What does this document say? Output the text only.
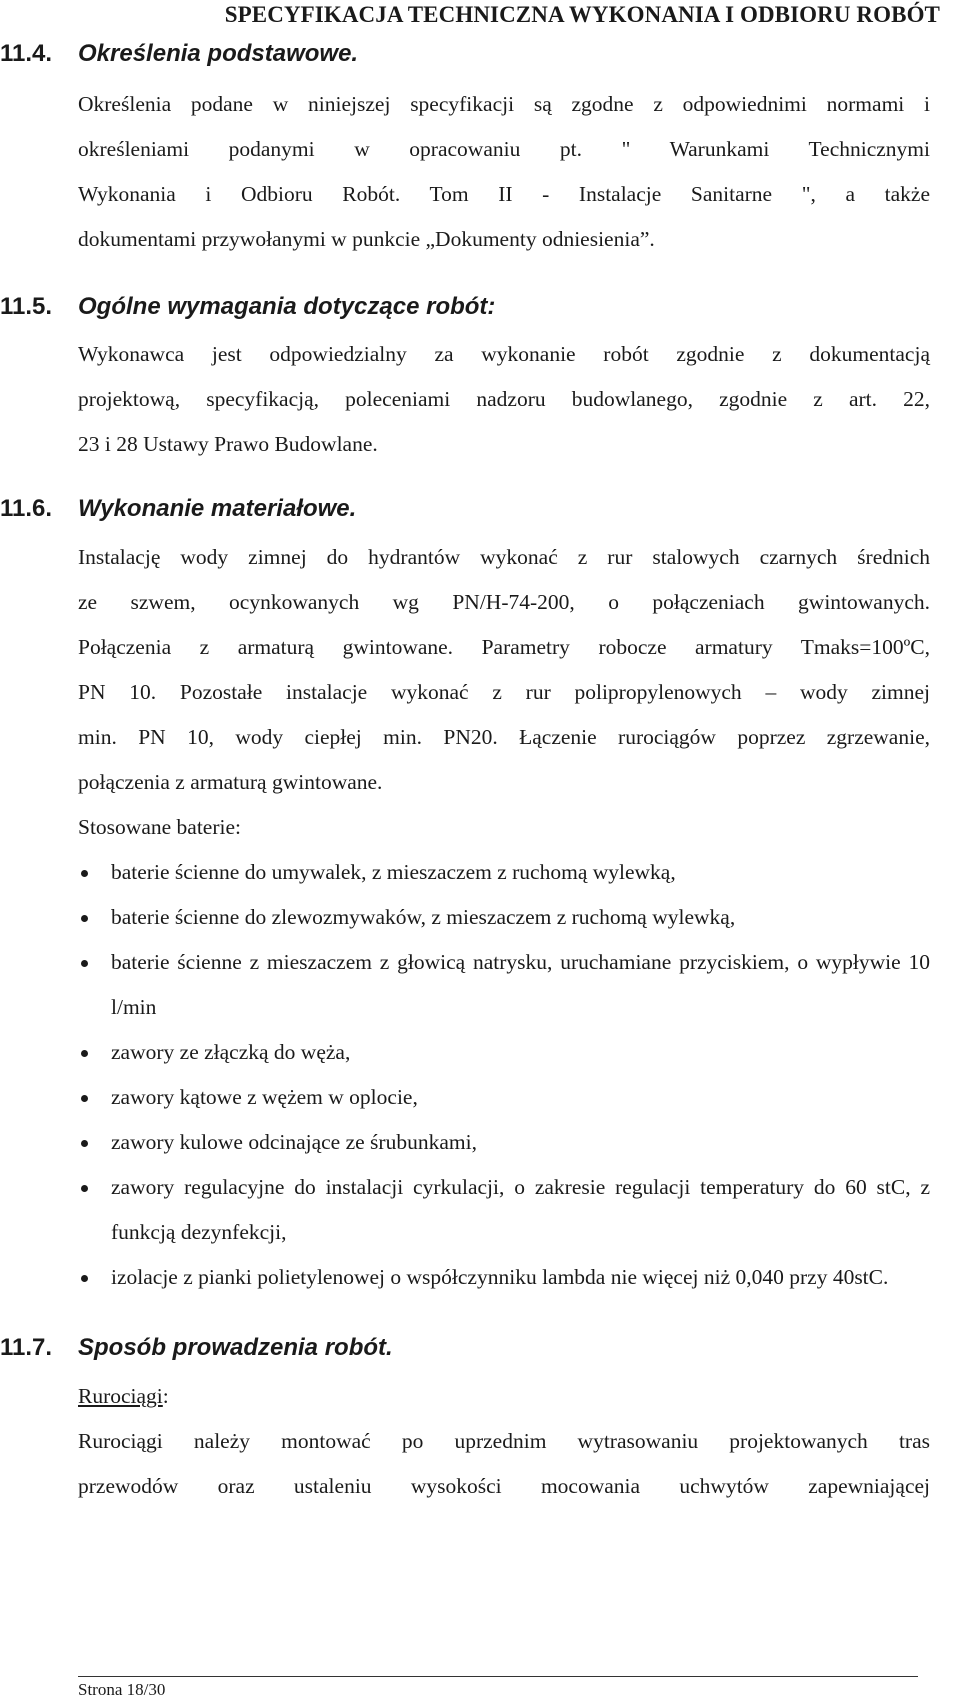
SPECYFIKACJA TECHNICZNA WYKONANIA I ODBIORU ROBÓT
11.4. Określenia podstawowe.
Określenia podane w niniejszej specyfikacji są zgodne z odpowiednimi normami i
określeniami podanymi w opracowaniu pt. " Warunkami Technicznymi
Wykonania i Odbioru Robót. Tom II - Instalacje Sanitarne ", a także
dokumentami przywołanymi w punkcie „Dokumenty odniesienia”.
11.5. Ogólne wymagania dotyczące robót:
Wykonawca jest odpowiedzialny za wykonanie robót zgodnie z dokumentacją
projektową, specyfikacją, poleceniami nadzoru budowlanego, zgodnie z art. 22,
23 i 28 Ustawy Prawo Budowlane.
11.6. Wykonanie materiałowe.
Instalację wody zimnej do hydrantów wykonać z rur stalowych czarnych średnich
ze szwem, ocynkowanych wg PN/H-74-200, o połączeniach gwintowanych.
Połączenia z armaturą gwintowane. Parametry robocze armatury Tmaks=100ºC,
PN 10. Pozostałe instalacje wykonać z rur polipropylenowych – wody zimnej
min. PN 10, wody ciepłej min. PN20. Łączenie rurociągów poprzez zgrzewanie,
połączenia z armaturą gwintowane.
Stosowane baterie:
baterie ścienne do umywalek, z mieszaczem z ruchomą wylewką,
baterie ścienne do zlewozmywaków, z mieszaczem z ruchomą wylewką,
baterie ścienne z mieszaczem z głowicą natrysku, uruchamiane przyciskiem, o wypływie 10 l/min
zawory ze złączką do węża,
zawory kątowe z wężem w oplocie,
zawory kulowe odcinające ze śrubunkami,
zawory regulacyjne do instalacji cyrkulacji, o zakresie regulacji temperatury do 60 stC, z funkcją dezynfekcji,
izolacje z pianki polietylenowej o współczynniku lambda nie więcej niż 0,040 przy 40stC.
11.7. Sposób prowadzenia robót.
Rurociągi:
Rurociągi należy montować po uprzednim wytrasowaniu projektowanych tras
przewodów oraz ustaleniu wysokości mocowania uchwytów zapewniającej
Strona 18/30
